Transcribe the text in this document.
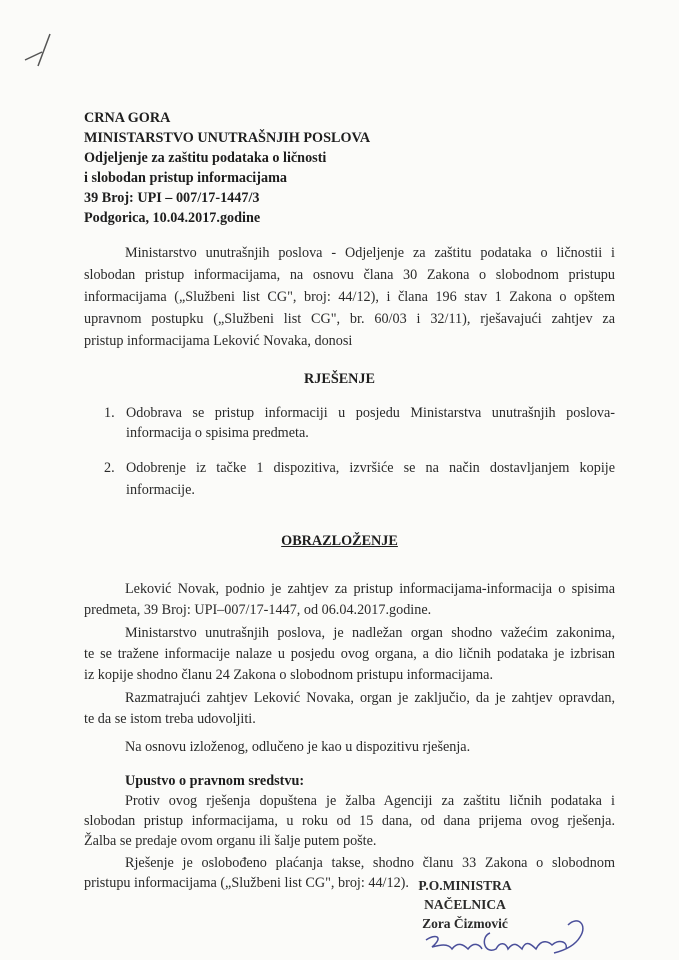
CRNA GORA
MINISTARSTVO UNUTRAŠNJIH POSLOVA
Odjeljenje za zaštitu podataka o ličnosti
i slobodan pristup informacijama
39 Broj: UPI – 007/17-1447/3
Podgorica, 10.04.2017.godine
Ministarstvo unutrašnjih poslova - Odjeljenje za zaštitu podataka o ličnostii i
slobodan pristup informacijama, na osnovu člana 30 Zakona o slobodnom pristupu
informacijama („Službeni list CG", broj: 44/12), i člana 196 stav 1 Zakona o opštem
upravnom postupku („Službeni list CG", br. 60/03 i 32/11), rješavajući zahtjev za
pristup informacijama Leković Novaka, donosi
RJEŠENJE
1. Odobrava se pristup informaciji u posjedu Ministarstva unutrašnjih poslova-
informacija o spisima predmeta.
2. Odobrenje iz tačke 1 dispozitiva, izvršiće se na način dostavljanjem kopije
informacije.
OBRAZLOŽENJE
Leković Novak, podnio je zahtjev za pristup informacijama-informacija o spisima
predmeta, 39 Broj: UPI–007/17-1447, od 06.04.2017.godine.
Ministarstvo unutrašnjih poslova, je nadležan organ shodno važećim zakonima,
te se tražene informacije nalaze u posjedu ovog organa, a dio ličnih podataka je izbrisan
iz kopije shodno članu 24 Zakona o slobodnom pristupu informacijama.
Razmatrajući zahtjev Leković Novaka, organ je zaključio, da je zahtjev opravdan,
te da se istom treba udovoljiti.
Na osnovu izloženog, odlučeno je kao u dispozitivu rješenja.
Upustvo o pravnom sredstvu:
Protiv ovog rješenja dopuštena je žalba Agenciji za zaštitu ličnih podataka i
slobodan pristup informacijama, u roku od 15 dana, od dana prijema ovog rješenja.
Žalba se predaje ovom organu ili šalje putem pošte.
Rješenje je oslobođeno plaćanja takse, shodno članu 33 Zakona o slobodnom
pristupu informacijama („Službeni list CG", broj: 44/12). P.O.MINISTRA
NAČELNICA
Zora Čizmović
